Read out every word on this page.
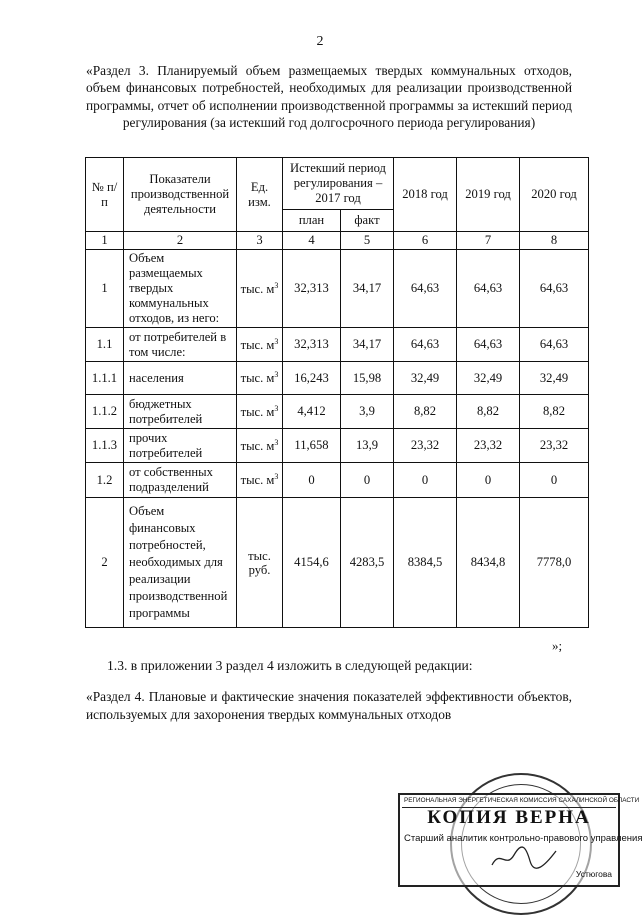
2
«Раздел 3. Планируемый объем размещаемых твердых коммунальных отходов, объем финансовых потребностей, необходимых для реализации производственной программы, отчет об исполнении производственной программы за истекший период регулирования (за истекший год долгосрочного периода регулирования)
№ п/п	Показатели производственной деятельности	Ед. изм.	Истекший период регулирования –2017 год		2018 год	2019 год	2020 год
			план	факт			
1	2	3	4	5	6	7	8
1	Объем размещаемых твердых коммунальных отходов, из него:	тыс. $м^3$	32,313	34,17	64,63	64,63	64,63
1.1	от потребителей в том числе:	тыс. $м^3$	32,313	34,17	64,63	64,63	64,63
1.1.1	населения	тыс. $м^3$	16,243	15,98	32,49	32,49	32,49
1.1.2	бюджетных потребителей	тыс. $м^3$	4,412	3,9	8,82	8,82	8,82
1.1.3	прочих потребителей	тыс. $м^3$	11,658	13,9	23,32	23,32	23,32
1.2	от собственных подразделений	тыс. $м^3$	0	0	0	0	0
2	Объем финансовых потребностей, необходимых для реализации производственной программы	тыс. руб.	4154,6	4283,5	8384,5	8434,8	7778,0
»;
1.3. в приложении 3 раздел 4 изложить в следующей редакции:
«Раздел 4. Плановые и фактические значения показателей эффективности объектов, используемых для захоронения твердых коммунальных отходов
РЕГИОНАЛЬНАЯ ЭНЕРГЕТИЧЕСКАЯ КОМИССИЯ САХАЛИНСКОЙ ОБЛАСТИ
КОПИЯ ВЕРНА
Старший аналитик контрольно-правового управления
Устюгова
